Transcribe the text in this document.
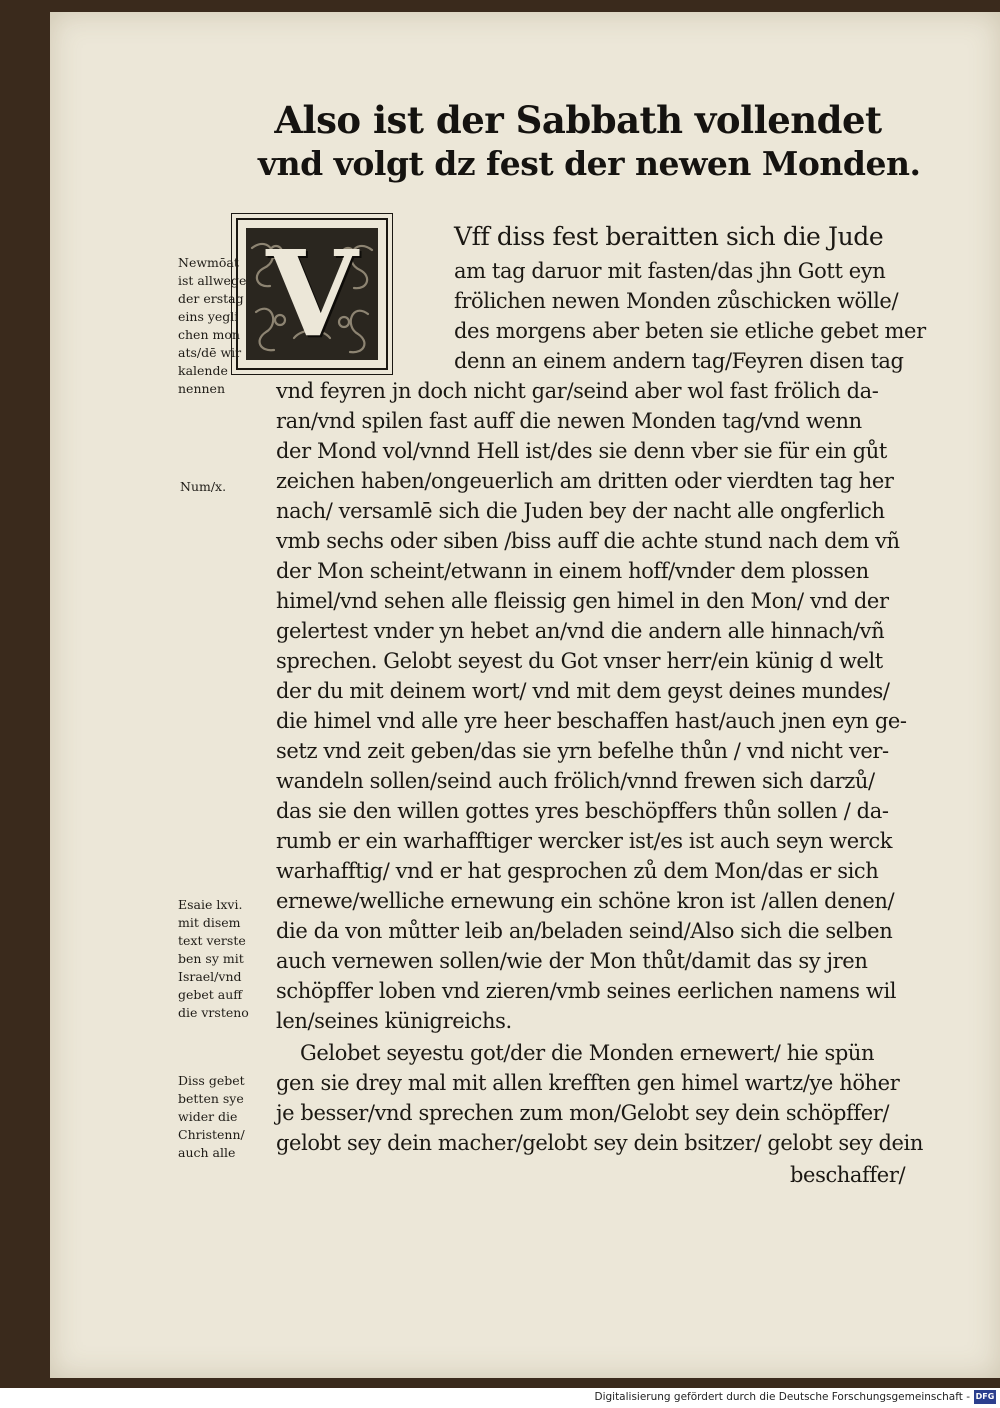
Also ist der Sabbath vollendet
vnd volgt dz fest der newen Monden.
V	Vff diss fest beraitten sich die Jude
am tag daruor mit fasten/das jhn Gott eyn
frölichen newen Monden zůschicken wölle/
des morgens aber beten sie etliche gebet mer
denn an einem andern tag/Feyren disen tag
vnd feyren jn doch nicht gar/seind aber wol fast frölich da-
ran/vnd spilen fast auff die newen Monden tag/vnd wenn
der Mond vol/vnnd Hell ist/des sie denn vber sie für ein gůt
zeichen haben/ongeuerlich am dritten oder vierdten tag her
nach/ versamlē sich die Juden bey der nacht alle ongferlich
vmb sechs oder siben /biss auff die achte stund nach dem vñ
der Mon scheint/etwann in einem hoff/vnder dem plossen
himel/vnd sehen alle fleissig gen himel in den Mon/ vnd der
gelertest vnder yn hebet an/vnd die andern alle hinnach/vñ
sprechen. Gelobt seyest du Got vnser herr/ein künig d welt
der du mit deinem wort/ vnd mit dem geyst deines mundes/
die himel vnd alle yre heer beschaffen hast/auch jnen eyn ge-
setz vnd zeit geben/das sie yrn befelhe thůn / vnd nicht ver-
wandeln sollen/seind auch frölich/vnnd frewen sich darzů/
das sie den willen gottes yres beschöpffers thůn sollen / da-
rumb er ein warhafftiger wercker ist/es ist auch seyn werck
warhafftig/ vnd er hat gesprochen zů dem Mon/das er sich
ernewe/welliche ernewung ein schöne kron ist /allen denen/
die da von můtter leib an/beladen seind/Also sich die selben
auch vernewen sollen/wie der Mon thůt/damit das sy jren
schöpffer loben vnd zieren/vmb seines eerlichen namens wil
len/seines künigreichs.
Gelobet seyestu got/der die Monden ernewert/ hie spün
gen sie drey mal mit allen krefften gen himel wartz/ye höher
je besser/vnd sprechen zum mon/Gelobt sey dein schöpffer/
gelobt sey dein macher/gelobt sey dein bsitzer/ gelobt sey dein
beschaffer/
Newmōat
ist allwege
der erstag
eins yegli
chen mon
ats/dē wir
kalende
nennen
Num/x.
Esaie lxvi.
mit disem
text verste
ben sy mit
Israel/vnd
gebet auff
die vrsteno
Diss gebet
betten sye
wider die
Christenn/
auch alle
Digitalisierung gefördert durch die Deutsche Forschungsgemeinschaft - DFG
